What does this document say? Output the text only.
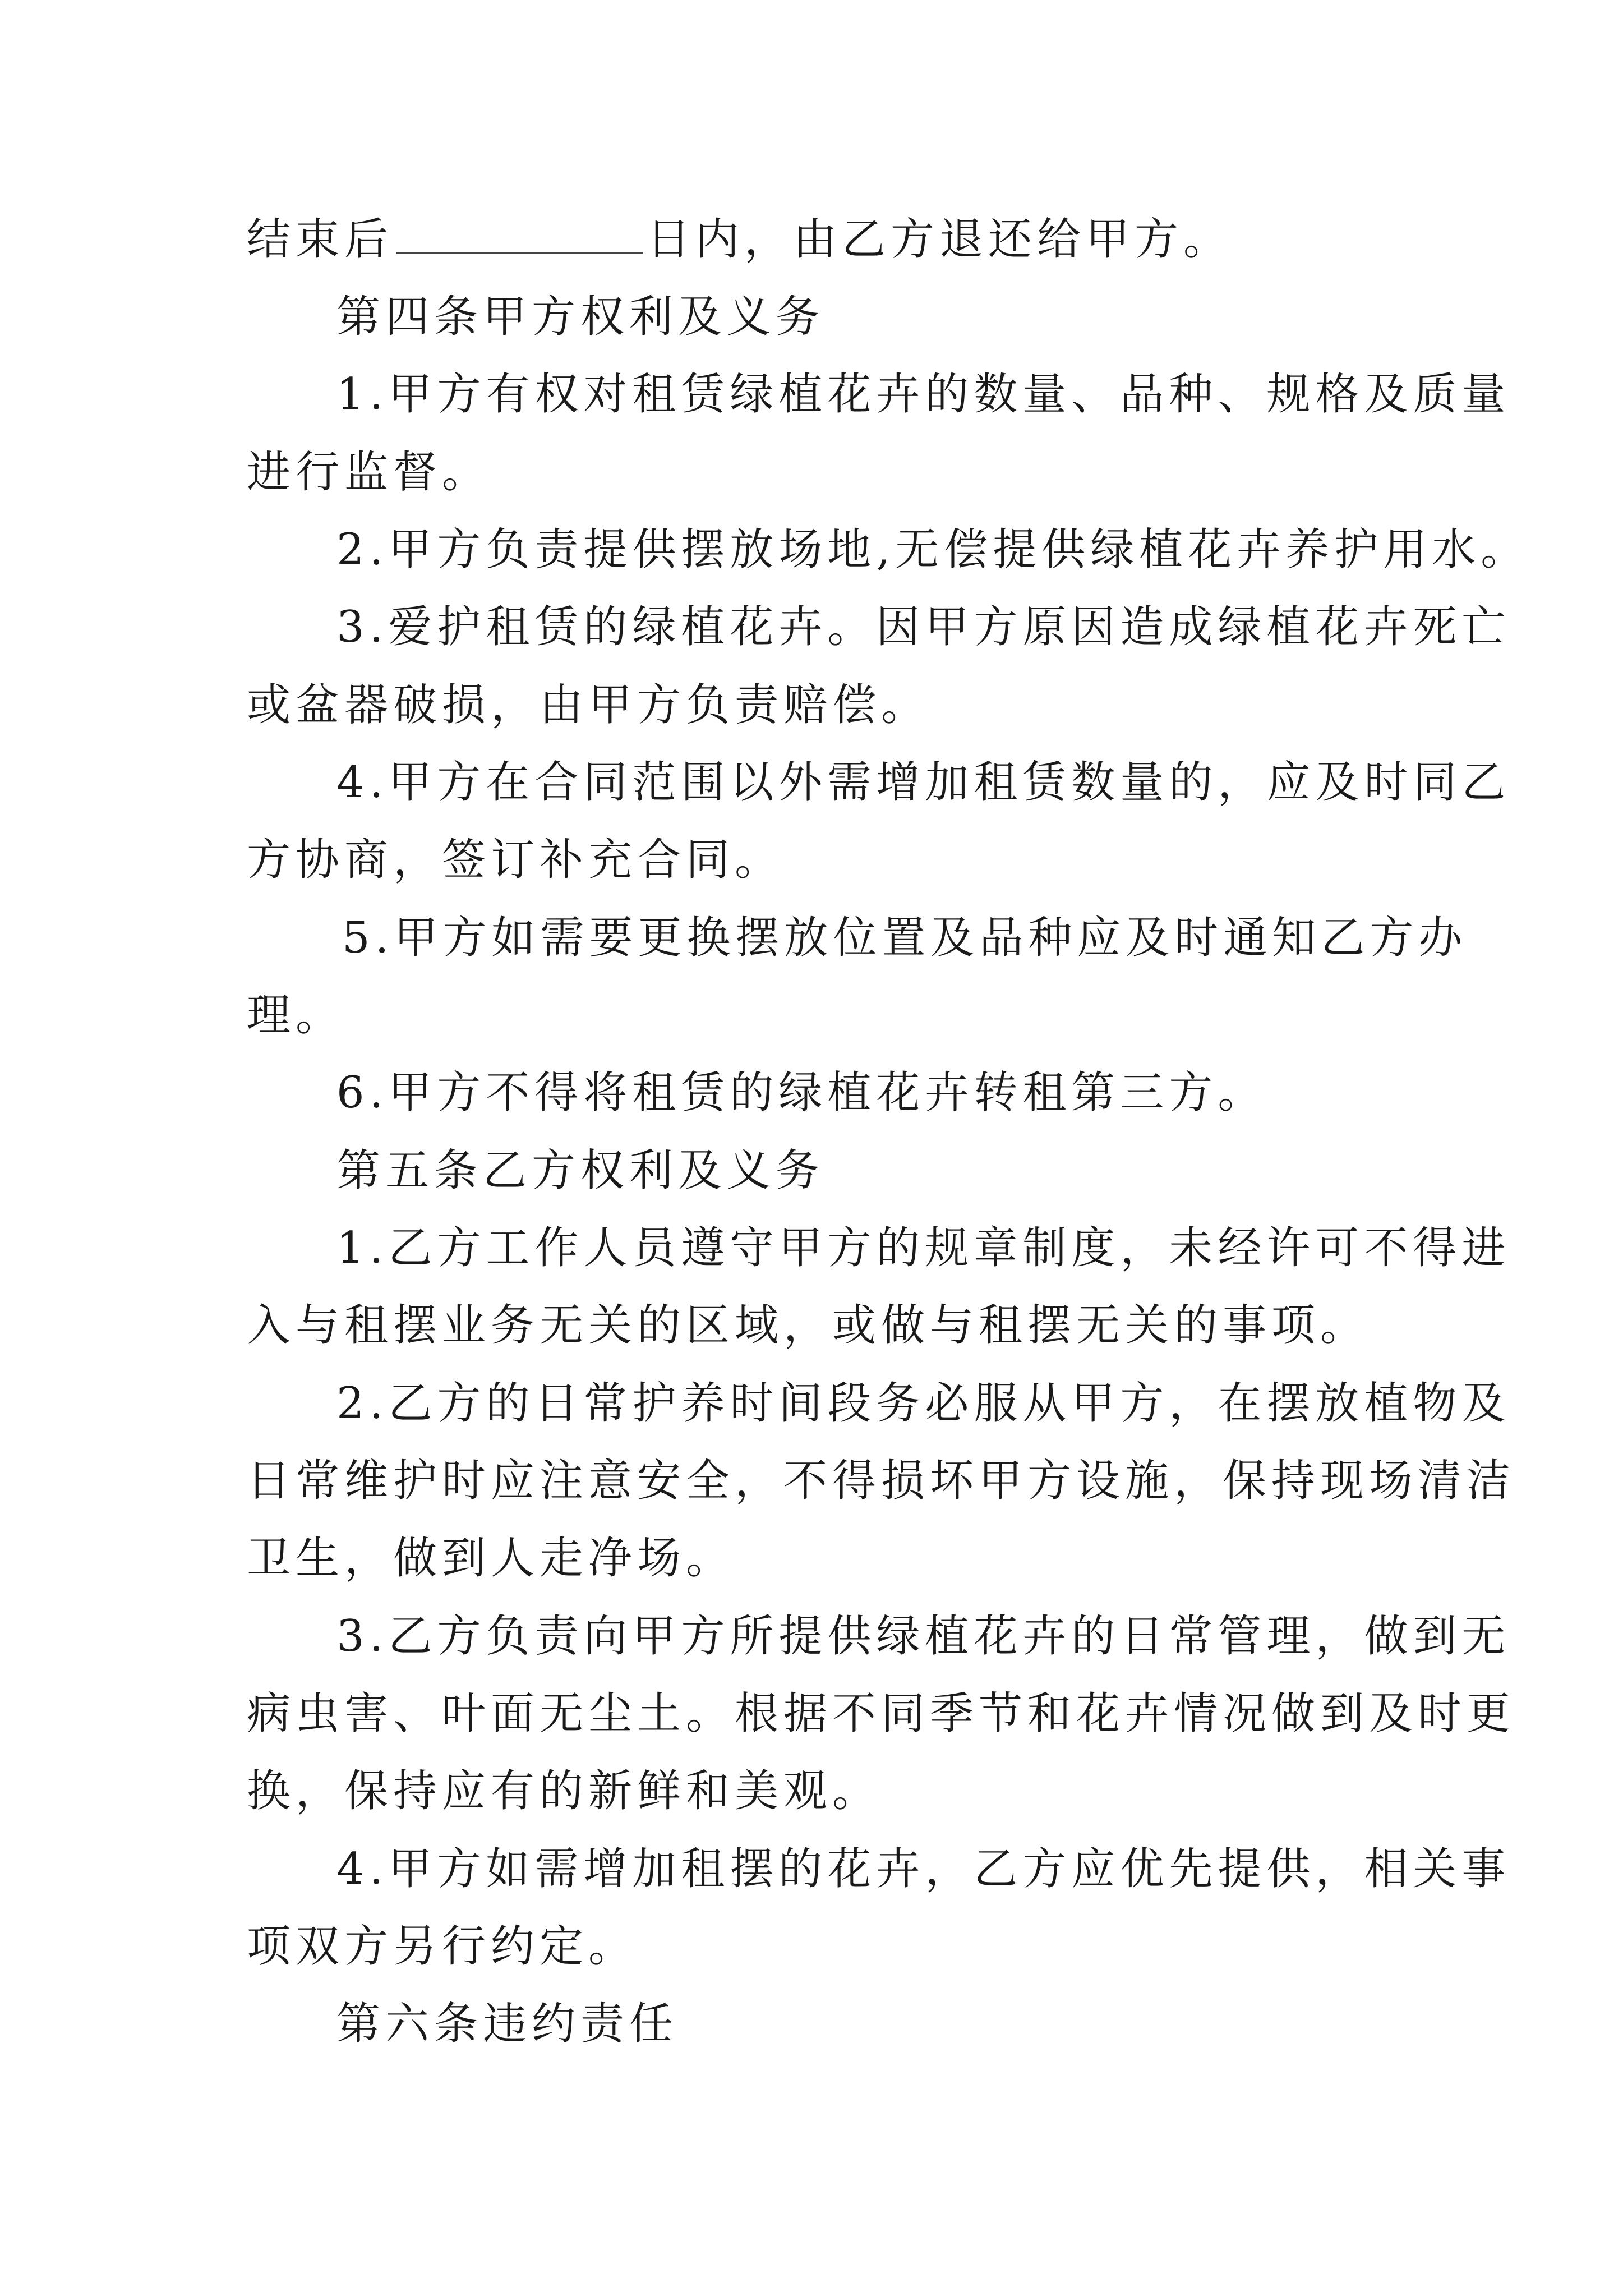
结束后	日内，由乙方退还给甲方。
第四条甲方权利及义务
1.甲方有权对租赁绿植花卉的数量、品种、规格及质量
进行监督。
2.甲方负责提供摆放场地,无偿提供绿植花卉养护用水。
3.爱护租赁的绿植花卉。因甲方原因造成绿植花卉死亡
或盆器破损，由甲方负责赔偿。
4.甲方在合同范围以外需增加租赁数量的，应及时同乙
方协商，签订补充合同。
5.甲方如需要更换摆放位置及品种应及时通知乙方办
理。
6.甲方不得将租赁的绿植花卉转租第三方。
第五条乙方权利及义务
1.乙方工作人员遵守甲方的规章制度，未经许可不得进
入与租摆业务无关的区域，或做与租摆无关的事项。
2.乙方的日常护养时间段务必服从甲方，在摆放植物及
日常维护时应注意安全，不得损坏甲方设施，保持现场清洁
卫生，做到人走净场。
3.乙方负责向甲方所提供绿植花卉的日常管理，做到无
病虫害、叶面无尘土。根据不同季节和花卉情况做到及时更
换，保持应有的新鲜和美观。
4.甲方如需增加租摆的花卉，乙方应优先提供，相关事
项双方另行约定。
第六条违约责任
